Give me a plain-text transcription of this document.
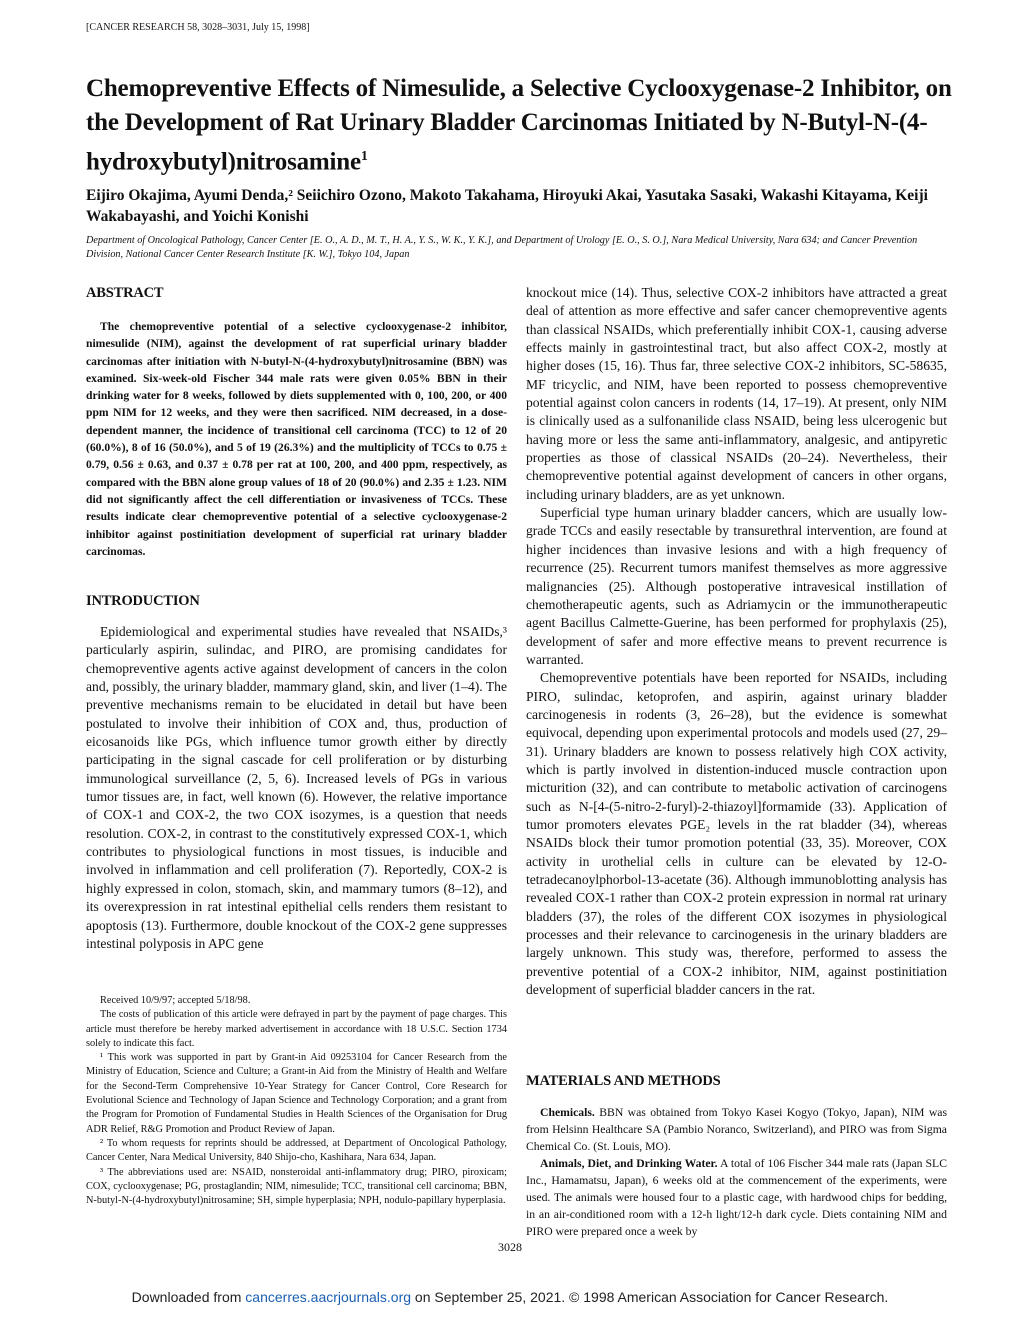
[CANCER RESEARCH 58, 3028–3031, July 15, 1998]
Chemopreventive Effects of Nimesulide, a Selective Cyclooxygenase-2 Inhibitor, on the Development of Rat Urinary Bladder Carcinomas Initiated by N-Butyl-N-(4-hydroxybutyl)nitrosamine$^1$
Eijiro Okajima, Ayumi Denda,² Seiichiro Ozono, Makoto Takahama, Hiroyuki Akai, Yasutaka Sasaki, Wakashi Kitayama, Keiji Wakabayashi, and Yoichi Konishi
Department of Oncological Pathology, Cancer Center [E. O., A. D., M. T., H. A., Y. S., W. K., Y. K.], and Department of Urology [E. O., S. O.], Nara Medical University, Nara 634; and Cancer Prevention Division, National Cancer Center Research Institute [K. W.], Tokyo 104, Japan
ABSTRACT

The chemopreventive potential of a selective cyclooxygenase-2 inhibitor, nimesulide (NIM), against the development of rat superficial urinary bladder carcinomas after initiation with N-butyl-N-(4-hydroxybutyl)nitrosamine (BBN) was examined. Six-week-old Fischer 344 male rats were given 0.05% BBN in their drinking water for 8 weeks, followed by diets supplemented with 0, 100, 200, or 400 ppm NIM for 12 weeks, and they were then sacrificed. NIM decreased, in a dose-dependent manner, the incidence of transitional cell carcinoma (TCC) to 12 of 20 (60.0%), 8 of 16 (50.0%), and 5 of 19 (26.3%) and the multiplicity of TCCs to 0.75 ± 0.79, 0.56 ± 0.63, and 0.37 ± 0.78 per rat at 100, 200, and 400 ppm, respectively, as compared with the BBN alone group values of 18 of 20 (90.0%) and 2.35 ± 1.23. NIM did not significantly affect the cell differentiation or invasiveness of TCCs. These results indicate clear chemopreventive potential of a selective cyclooxygenase-2 inhibitor against postinitiation development of superficial rat urinary bladder carcinomas.

INTRODUCTION

Epidemiological and experimental studies have revealed that NSAIDs,³ particularly aspirin, sulindac, and PIRO, are promising candidates for chemopreventive agents active against development of cancers in the colon and, possibly, the urinary bladder, mammary gland, skin, and liver (1–4). The preventive mechanisms remain to be elucidated in detail but have been postulated to involve their inhibition of COX and, thus, production of eicosanoids like PGs, which influence tumor growth either by directly participating in the signal cascade for cell proliferation or by disturbing immunological surveillance (2, 5, 6). Increased levels of PGs in various tumor tissues are, in fact, well known (6). However, the relative importance of COX-1 and COX-2, the two COX isozymes, is a question that needs resolution. COX-2, in contrast to the constitutively expressed COX-1, which contributes to physiological functions in most tissues, is inducible and involved in inflammation and cell proliferation (7). Reportedly, COX-2 is highly expressed in colon, stomach, skin, and mammary tumors (8–12), and its overexpression in rat intestinal epithelial cells renders them resistant to apoptosis (13). Furthermore, double knockout of the COX-2 gene suppresses intestinal polyposis in APC gene

Received 10/9/97; accepted 5/18/98.

The costs of publication of this article were defrayed in part by the payment of page charges. This article must therefore be hereby marked advertisement in accordance with 18 U.S.C. Section 1734 solely to indicate this fact.

¹ This work was supported in part by Grant-in Aid 09253104 for Cancer Research from the Ministry of Education, Science and Culture; a Grant-in Aid from the Ministry of Health and Welfare for the Second-Term Comprehensive 10-Year Strategy for Cancer Control, Core Research for Evolutional Science and Technology of Japan Science and Technology Corporation; and a grant from the Program for Promotion of Fundamental Studies in Health Sciences of the Organisation for Drug ADR Relief, R&G Promotion and Product Review of Japan.

² To whom requests for reprints should be addressed, at Department of Oncological Pathology, Cancer Center, Nara Medical University, 840 Shijo-cho, Kashihara, Nara 634, Japan.

³ The abbreviations used are: NSAID, nonsteroidal anti-inflammatory drug; PIRO, piroxicam; COX, cyclooxygenase; PG, prostaglandin; NIM, nimesulide; TCC, transitional cell carcinoma; BBN, N-butyl-N-(4-hydroxybutyl)nitrosamine; SH, simple hyperplasia; NPH, nodulo-papillary hyperplasia.

knockout mice (14). Thus, selective COX-2 inhibitors have attracted a great deal of attention as more effective and safer cancer chemopreventive agents than classical NSAIDs, which preferentially inhibit COX-1, causing adverse effects mainly in gastrointestinal tract, but also affect COX-2, mostly at higher doses (15, 16). Thus far, three selective COX-2 inhibitors, SC-58635, MF tricyclic, and NIM, have been reported to possess chemopreventive potential against colon cancers in rodents (14, 17–19). At present, only NIM is clinically used as a sulfonanilide class NSAID, being less ulcerogenic but having more or less the same anti-inflammatory, analgesic, and antipyretic properties as those of classical NSAIDs (20–24). Nevertheless, their chemopreventive potential against development of cancers in other organs, including urinary bladders, are as yet unknown.

Superficial type human urinary bladder cancers, which are usually low-grade TCCs and easily resectable by transurethral intervention, are found at higher incidences than invasive lesions and with a high frequency of recurrence (25). Recurrent tumors manifest themselves as more aggressive malignancies (25). Although postoperative intravesical instillation of chemotherapeutic agents, such as Adriamycin or the immunotherapeutic agent Bacillus Calmette-Guerine, has been performed for prophylaxis (25), development of safer and more effective means to prevent recurrence is warranted.

Chemopreventive potentials have been reported for NSAIDs, including PIRO, sulindac, ketoprofen, and aspirin, against urinary bladder carcinogenesis in rodents (3, 26–28), but the evidence is somewhat equivocal, depending upon experimental protocols and models used (27, 29–31). Urinary bladders are known to possess relatively high COX activity, which is partly involved in distention-induced muscle contraction upon micturition (32), and can contribute to metabolic activation of carcinogens such as N-[4-(5-nitro-2-furyl)-2-thiazoyl]formamide (33). Application of tumor promoters elevates PGE₂ levels in the rat bladder (34), whereas NSAIDs block their tumor promotion potential (33, 35). Moreover, COX activity in urothelial cells in culture can be elevated by 12-O-tetradecanoylphorbol-13-acetate (36). Although immunoblotting analysis has revealed COX-1 rather than COX-2 protein expression in normal rat urinary bladders (37), the roles of the different COX isozymes in physiological processes and their relevance to carcinogenesis in the urinary bladders are largely unknown. This study was, therefore, performed to assess the preventive potential of a COX-2 inhibitor, NIM, against postinitiation development of superficial bladder cancers in the rat.

MATERIALS AND METHODS

Chemicals. BBN was obtained from Tokyo Kasei Kogyo (Tokyo, Japan), NIM was from Helsinn Healthcare SA (Pambio Noranco, Switzerland), and PIRO was from Sigma Chemical Co. (St. Louis, MO).

Animals, Diet, and Drinking Water. A total of 106 Fischer 344 male rats (Japan SLC Inc., Hamamatsu, Japan), 6 weeks old at the commencement of the experiments, were used. The animals were housed four to a plastic cage, with hardwood chips for bedding, in an air-conditioned room with a 12-h light/12-h dark cycle. Diets containing NIM and PIRO were prepared once a week by

3028
Downloaded from cancerres.aacrjournals.org on September 25, 2021. © 1998 American Association for Cancer Research.
